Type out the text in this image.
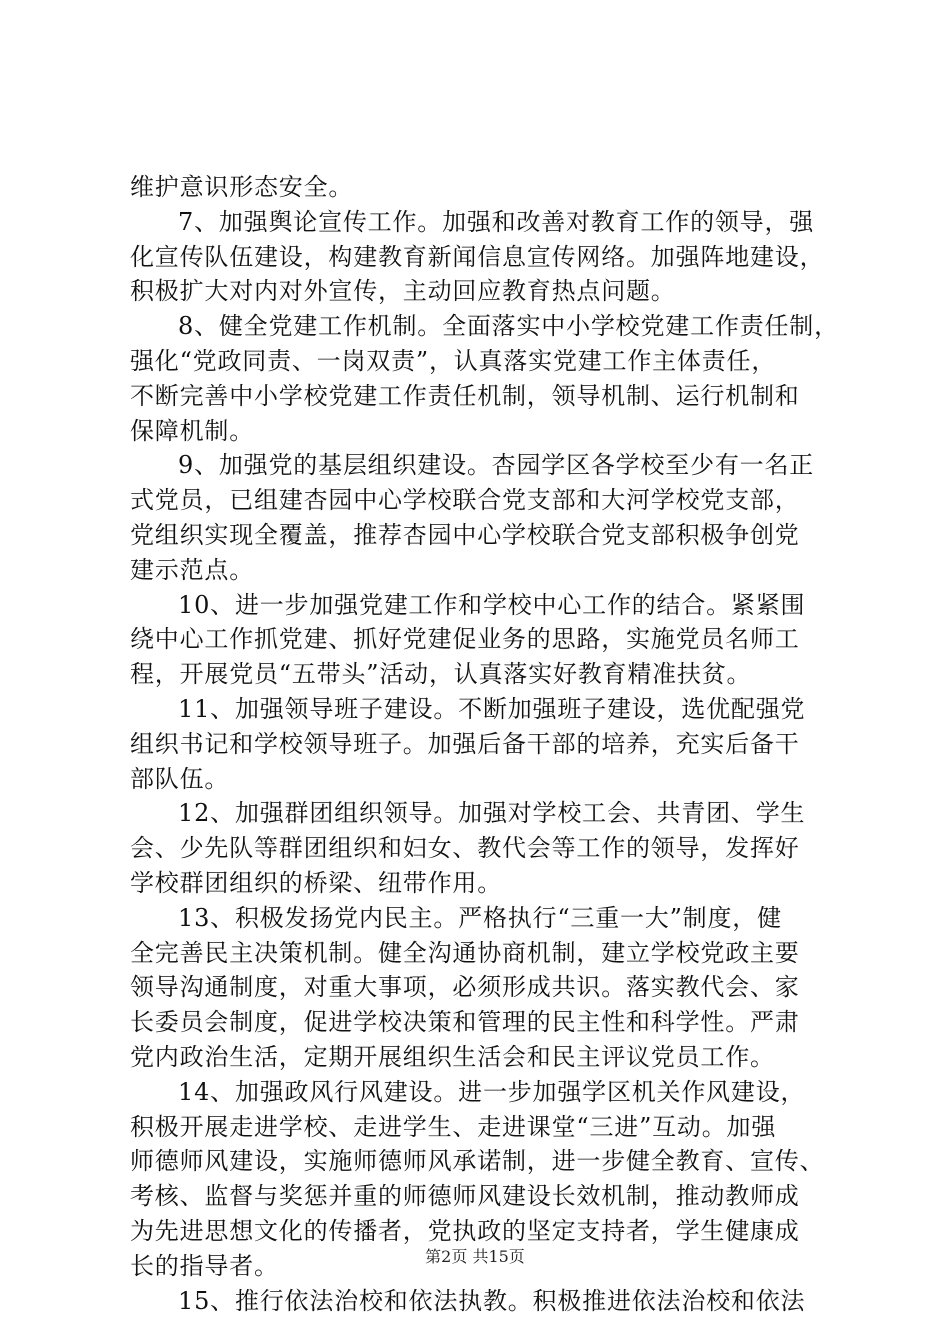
维护意识形态安全。
7、加强舆论宣传工作。加强和改善对教育工作的领导，强
化宣传队伍建设，构建教育新闻信息宣传网络。加强阵地建设，
积极扩大对内对外宣传，主动回应教育热点问题。
8、健全党建工作机制。全面落实中小学校党建工作责任制，
强化“党政同责、一岗双责”，认真落实党建工作主体责任，
不断完善中小学校党建工作责任机制，领导机制、运行机制和
保障机制。
9、加强党的基层组织建设。杏园学区各学校至少有一名正
式党员，已组建杏园中心学校联合党支部和大河学校党支部，
党组织实现全覆盖，推荐杏园中心学校联合党支部积极争创党
建示范点。
10、进一步加强党建工作和学校中心工作的结合。紧紧围
绕中心工作抓党建、抓好党建促业务的思路，实施党员名师工
程，开展党员“五带头”活动，认真落实好教育精准扶贫。
11、加强领导班子建设。不断加强班子建设，选优配强党
组织书记和学校领导班子。加强后备干部的培养，充实后备干
部队伍。
12、加强群团组织领导。加强对学校工会、共青团、学生
会、少先队等群团组织和妇女、教代会等工作的领导，发挥好
学校群团组织的桥梁、纽带作用。
13、积极发扬党内民主。严格执行“三重一大”制度，健
全完善民主决策机制。健全沟通协商机制，建立学校党政主要
领导沟通制度，对重大事项，必须形成共识。落实教代会、家
长委员会制度，促进学校决策和管理的民主性和科学性。严肃
党内政治生活，定期开展组织生活会和民主评议党员工作。
14、加强政风行风建设。进一步加强学区机关作风建设，
积极开展走进学校、走进学生、走进课堂“三进”互动。加强
师德师风建设，实施师德师风承诺制，进一步健全教育、宣传、
考核、监督与奖惩并重的师德师风建设长效机制，推动教师成
为先进思想文化的传播者，党执政的坚定支持者，学生健康成
长的指导者。
15、推行依法治校和依法执教。积极推进依法治校和依法
第2页 共15页
